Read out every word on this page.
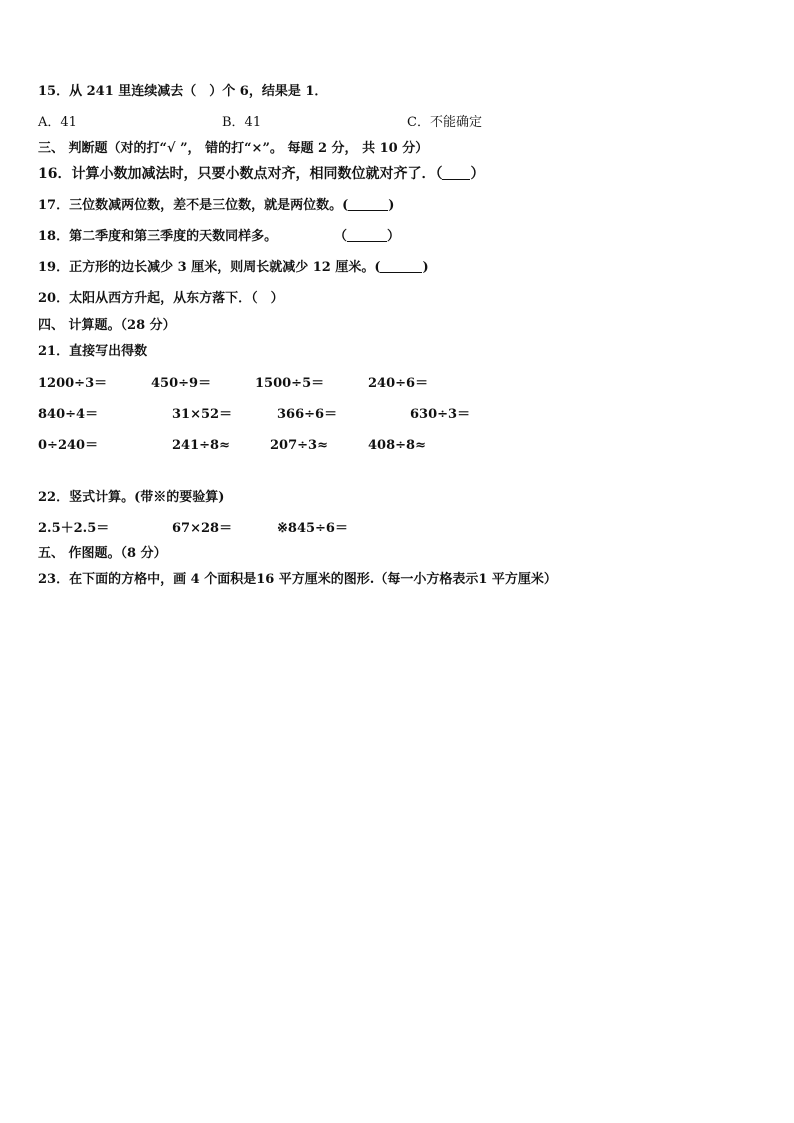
15．从 241 里连续减去（　）个 6，结果是 1．
A．41	B．41	C．不能确定
三、 判断题（对的打“√ ”， 错的打“×”。 每题 2 分， 共 10 分）
16．计算小数加减法时，只要小数点对齐，相同数位就对齐了．（ ）
17．三位数减两位数，差不是三位数，就是两位数。(	)
18．第二季度和第三季度的天数同样多。	（	）
19．正方形的边长减少 3 厘米，则周长就减少 12 厘米。(	)
20．太阳从西方升起，从东方落下．（　）
四、 计算题。（28 分）
21．直接写出得数
1200÷3＝	450÷9＝	1500÷5＝	240÷6＝
840÷4＝	31×52＝	366÷6＝	630÷3＝
0÷240＝	241÷8≈	207÷3≈	408÷8≈
22．竖式计算。(带※的要验算)
2.5＋2.5＝	67×28＝	※845÷6＝
五、 作图题。（8 分）
23．在下面的方格中，画 4 个面积是16 平方厘米的图形.（每一小方格表示1 平方厘米）
